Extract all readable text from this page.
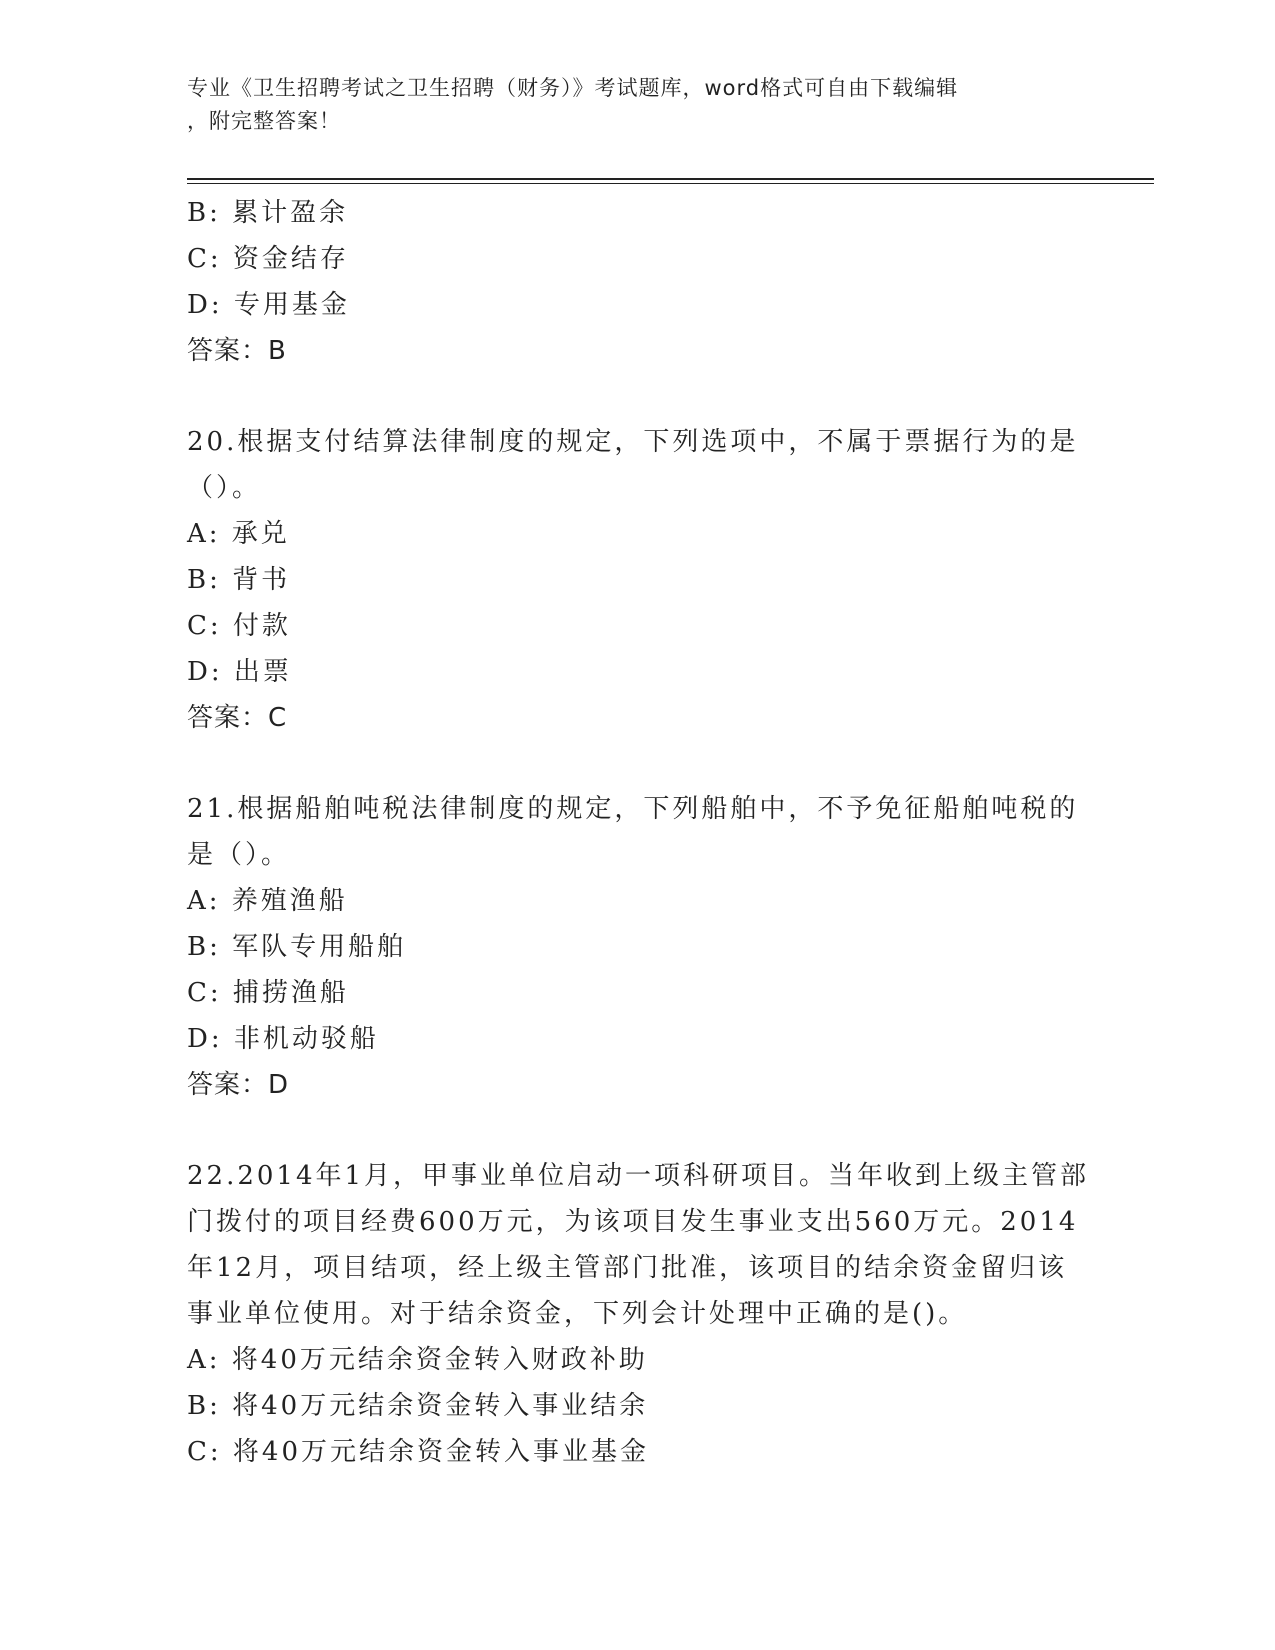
专业《卫生招聘考试之卫生招聘（财务）》考试题库，word格式可自由下载编辑
，附完整答案！
B: 累计盈余
C: 资金结存
D: 专用基金
答案：B
20.根据支付结算法律制度的规定，下列选项中，不属于票据行为的是
（）。
A: 承兑
B: 背书
C: 付款
D: 出票
答案：C
21.根据船舶吨税法律制度的规定，下列船舶中，不予免征船舶吨税的
是（）。
A: 养殖渔船
B: 军队专用船舶
C: 捕捞渔船
D: 非机动驳船
答案：D
22.2014年1月，甲事业单位启动一项科研项目。当年收到上级主管部
门拨付的项目经费600万元，为该项目发生事业支出560万元。2014
年12月，项目结项，经上级主管部门批准，该项目的结余资金留归该
事业单位使用。对于结余资金，下列会计处理中正确的是()。
A: 将40万元结余资金转入财政补助
B: 将40万元结余资金转入事业结余
C: 将40万元结余资金转入事业基金
